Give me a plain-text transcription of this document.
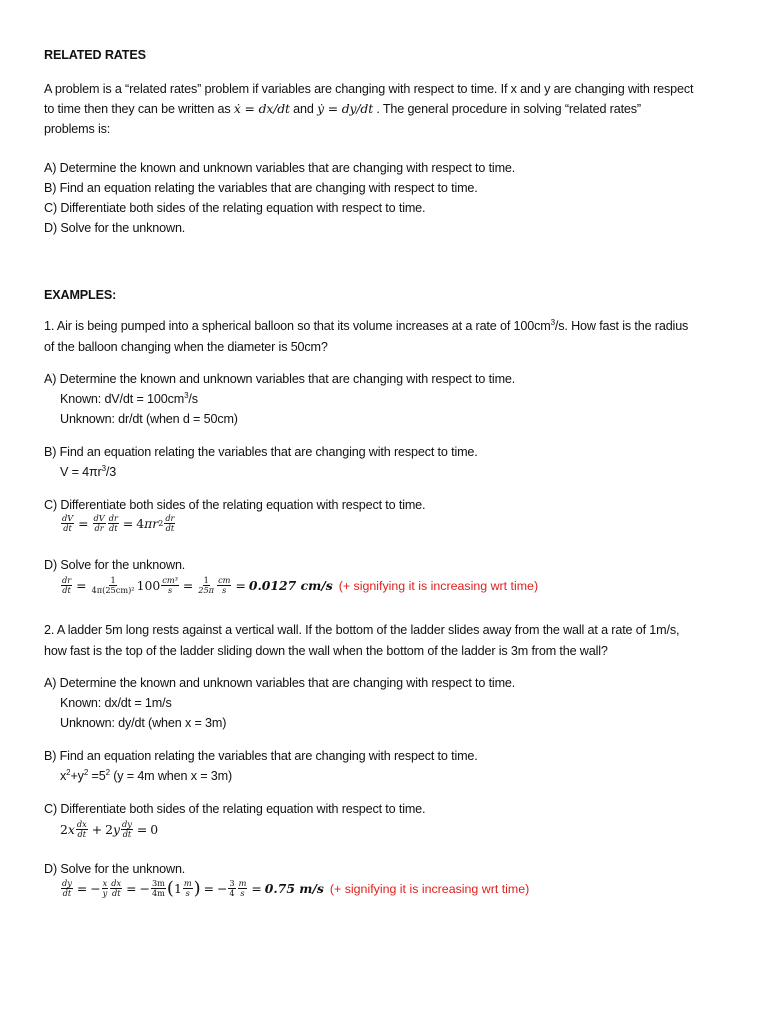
RELATED RATES
A problem is a “related rates” problem if variables are changing with respect to time. If x and y are changing with respect
to time then they can be written as ẋ = dx/dt and ẏ = dy/dt . The general procedure in solving “related rates”
problems is:
A) Determine the known and unknown variables that are changing with respect to time.
B) Find an equation relating the variables that are changing with respect to time.
C) Differentiate both sides of the relating equation with respect to time.
D) Solve for the unknown.
EXAMPLES:
1. Air is being pumped into a spherical balloon so that its volume increases at a rate of $100cm^3/s$. How fast is the radius
of the balloon changing when the diameter is 50cm?
A) Determine the known and unknown variables that are changing with respect to time.
Known: $dV/dt = 100cm^3/s$
Unknown: dr/dt (when d = 50cm)
B) Find an equation relating the variables that are changing with respect to time.
$V = 4\pi r^3/3$
C) Differentiate both sides of the relating equation with respect to time.
$\frac{dV}{dt} = \frac{dV}{dr} \frac{dr}{dt} = 4$ πr $2 \frac{dr}{dt}$
D) Solve for the unknown.
$\frac{dr}{dt} = \frac{1}{\text{4π(25cm)²}} 100 \frac{\text{cm³}}{s} = \frac{1}{25\pi} \frac{cm}{s} = 0.0127$ cm/s (+ signifying it is increasing wrt time)
2. A ladder 5m long rests against a vertical wall. If the bottom of the ladder slides away from the wall at a rate of 1m/s,
how fast is the top of the ladder sliding down the wall when the bottom of the ladder is 3m from the wall?
A) Determine the known and unknown variables that are changing with respect to time.
Known: dx/dt = 1m/s
Unknown: dy/dt (when x = 3m)
B) Find an equation relating the variables that are changing with respect to time.
$x^2+y^2 =5^2$ (y = 4m when x = 3m)
C) Differentiate both sides of the relating equation with respect to time.
2 x $\frac{dx}{dt} + 2$ y $\frac{dy}{dt} = 0$
D) Solve for the unknown.
$\frac{dy}{dt}$ = − $\frac{x}{y} \frac{dx}{dt}$ = − $\frac{3m}{4m}$ ( $1 \frac{m}{s}$ ) = − $\frac{3}{4} \frac{m}{s} = 0.75$ m/s (+ signifying it is increasing wrt time)
